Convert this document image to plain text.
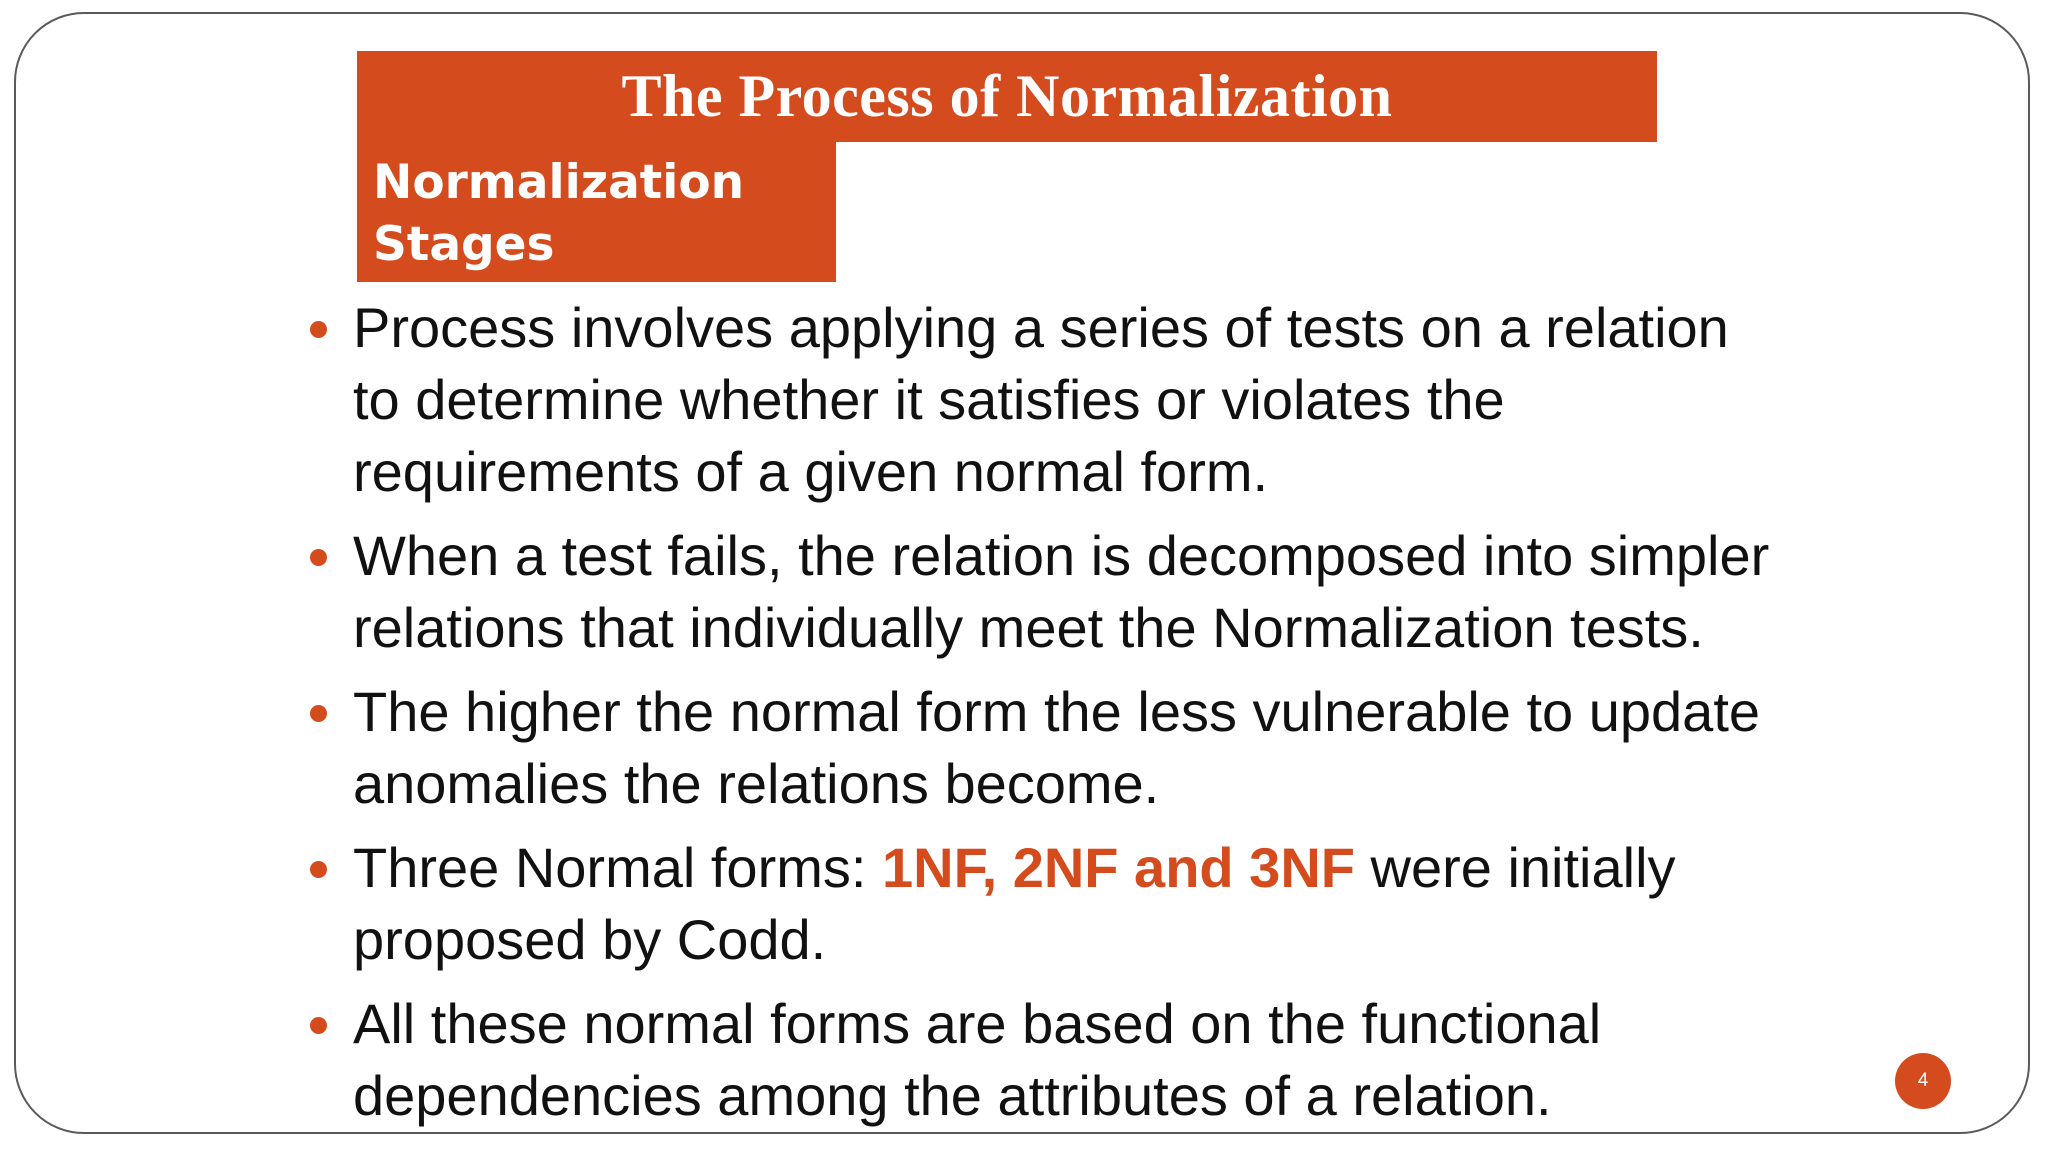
The Process of Normalization
Normalization Stages
Process involves applying a series of tests on a relation to determine whether it satisfies or violates the requirements of a given normal form.
When a test fails, the relation is decomposed into simpler relations that individually meet the Normalization tests.
The higher the normal form the less vulnerable to update anomalies the relations become.
Three Normal forms: 1NF, 2NF and 3NF were initially proposed by Codd.
All these normal forms are based on the functional dependencies among the attributes of a relation.	4
